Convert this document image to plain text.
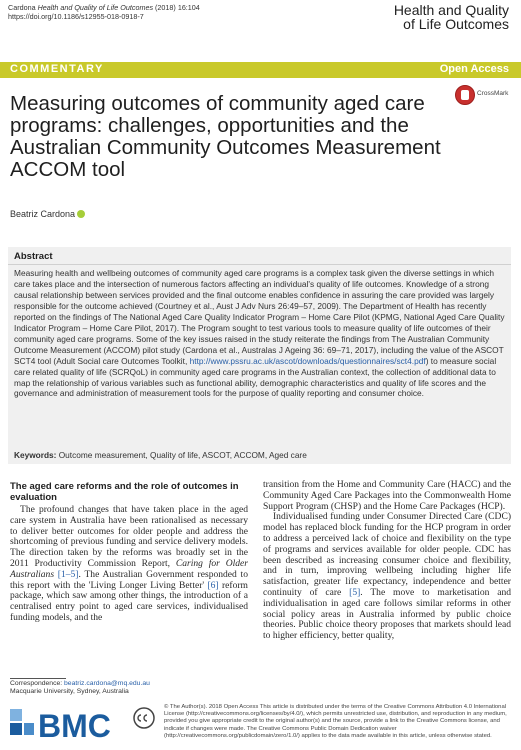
Cardona Health and Quality of Life Outcomes (2018) 16:104
https://doi.org/10.1186/s12955-018-0918-7	Health and Quality
of Life Outcomes
COMMENTARY	Open Access
CrossMark
Measuring outcomes of community aged care programs: challenges, opportunities and the Australian Community Outcomes Measurement ACCOM tool
Beatriz Cardona
Abstract
Measuring health and wellbeing outcomes of community aged care programs is a complex task given the diverse settings in which care takes place and the intersection of numerous factors affecting an individual's quality of life outcomes. Knowledge of a strong causal relationship between services provided and the final outcome enables confidence in assuring the care provided was largely responsible for the outcome achieved (Courtney et al., Aust J Adv Nurs 26:49–57, 2009). The Department of Health has recently reported on the findings of The National Aged Care Quality Indicator Program – Home Care Pilot (KPMG, National Aged Care Quality Indicator Program – Home Care Pilot, 2017). The Program sought to test various tools to measure quality of life outcomes of their community aged care programs. Some of the key issues raised in the study reiterate the findings from The Australian Community Outcome Measurement (ACCOM) pilot study (Cardona et al., Australas J Ageing 36: 69–71, 2017), including the value of the ASCOT SCT4 tool (Adult Social care Outcomes Toolkit, http://www.pssru.ac.uk/ascot/downloads/questionnaires/sct4.pdf) to measure social care related quality of life (SCRQoL) in community aged care programs in the Australian context, the collection of additional data to map the relationship of various variables such as functional ability, demographic characteristics and quality of life scores and the governance and administration of measurement tools for the purpose of quality reporting and consumer choice.
Keywords: Outcome measurement, Quality of life, ASCOT, ACCOM, Aged care
The aged care reforms and the role of outcomes in evaluation

The profound changes that have taken place in the aged care system in Australia have been rationalised as necessary to deliver better outcomes for older people and address the shortcoming of previous funding and service delivery models. The direction taken by the reforms was broadly set in the 2011 Productivity Commission Report, Caring for Older Australians [1–5]. The Australian Government responded to this report with the 'Living Longer Living Better' [6] reform package, which saw among other things, the introduction of a centralised entry point to aged care services, individualised funding models, and the

transition from the Home and Community Care (HACC) and the Community Aged Care Packages into the Commonwealth Home Support Program (CHSP) and the Home Care Packages (HCP).

Individualised funding under Consumer Directed Care (CDC) model has replaced block funding for the HCP program in order to address a perceived lack of choice and flexibility on the type of programs and services available for older people. CDC has been described as increasing consumer choice and flexibility, and in turn, improving wellbeing including higher life satisfaction, greater life expectancy, independence and better continuity of care [5]. The move to marketisation and individualisation in aged care follows similar reforms in other social policy areas in Australia informed by public choice theories. Public choice theory proposes that markets should lead to higher efficiency, better quality,

Correspondence: beatriz.cardona@mq.edu.au
Macquarie University, Sydney, Australia
BMC
© The Author(s). 2018 Open Access This article is distributed under the terms of the Creative Commons Attribution 4.0 International License (http://creativecommons.org/licenses/by/4.0/), which permits unrestricted use, distribution, and reproduction in any medium, provided you give appropriate credit to the original author(s) and the source, provide a link to the Creative Commons license, and indicate if changes were made. The Creative Commons Public Domain Dedication waiver (http://creativecommons.org/publicdomain/zero/1.0/) applies to the data made available in this article, unless otherwise stated.
